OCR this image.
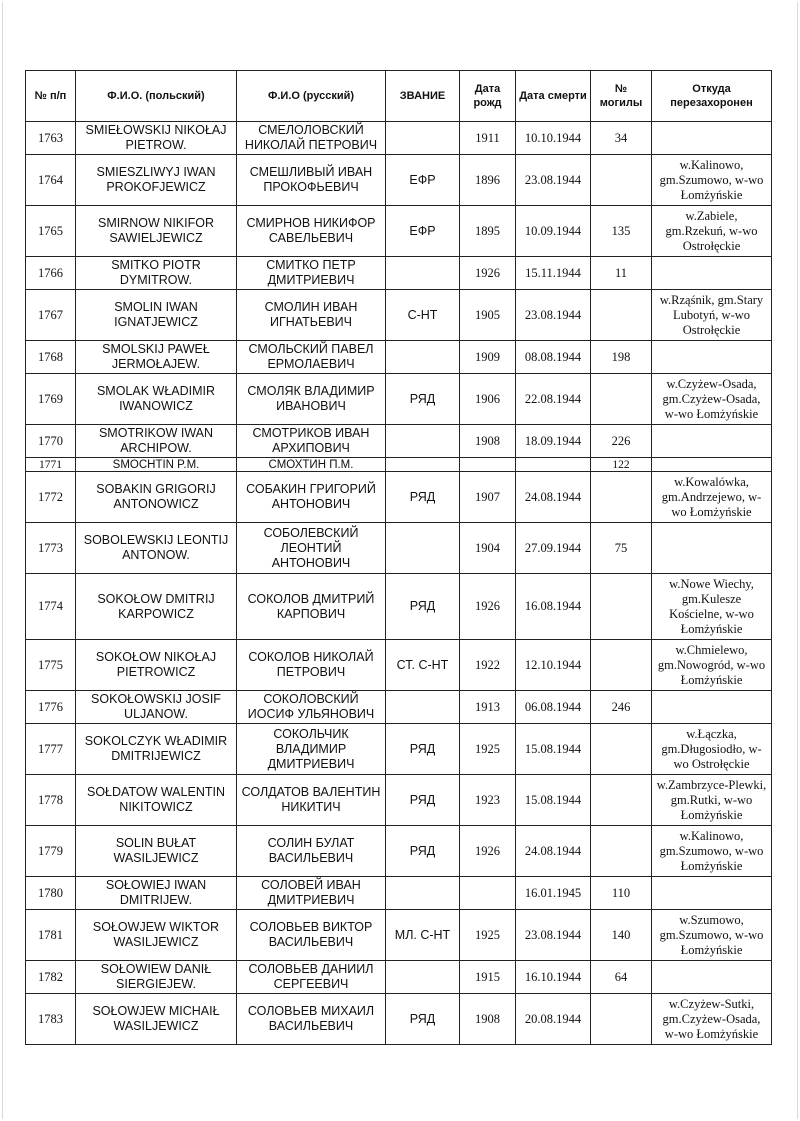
№ п/п	Ф.И.О. (польский)	Ф.И.О (русский)	ЗВАНИЕ	Дата рожд	Дата смерти	№ могилы	Откуда перезахоронен
1763	SMIEŁOWSKIJ NIKOŁAJ PIETROW.	СМЕЛОЛОВСКИЙ НИКОЛАЙ ПЕТРОВИЧ		1911	10.10.1944	34	
1764	SMIESZLIWYJ IWAN PROKOFJEWICZ	СМЕШЛИВЫЙ ИВАН ПРОКОФЬЕВИЧ	ЕФР	1896	23.08.1944		w.Kalinowo, gm.Szumowo, w-wo Łomżyńskie
1765	SMIRNOW NIKIFOR SAWIELJEWICZ	СМИРНОВ НИКИФОР САВЕЛЬЕВИЧ	ЕФР	1895	10.09.1944	135	w.Zabiele, gm.Rzekuń, w-wo Ostrołęckie
1766	SMITKO PIOTR DYMITROW.	СМИТКО ПЕТР ДМИТРИЕВИЧ		1926	15.11.1944	11	
1767	SMOLIN IWAN IGNATJEWICZ	СМОЛИН ИВАН ИГНАТЬЕВИЧ	С-НТ	1905	23.08.1944		w.Rząśnik, gm.Stary Lubotyń, w-wo Ostrołęckie
1768	SMOLSKIJ PAWEŁ JERMOŁAJEW.	СМОЛЬСКИЙ ПАВЕЛ ЕРМОЛАЕВИЧ		1909	08.08.1944	198	
1769	SMOLAK WŁADIMIR IWANOWICZ	СМОЛЯК ВЛАДИМИР ИВАНОВИЧ	РЯД	1906	22.08.1944		w.Czyżew-Osada, gm.Czyżew-Osada, w-wo Łomżyńskie
1770	SMOTRIKOW IWAN ARCHIPOW.	СМОТРИКОВ ИВАН АРХИПОВИЧ		1908	18.09.1944	226	
1771	SMOCHTIN P.M.	СМОХТИН П.М.				122	
1772	SOBAKIN GRIGORIJ ANTONOWICZ	СОБАКИН ГРИГОРИЙ АНТОНОВИЧ	РЯД	1907	24.08.1944		w.Kowalówka, gm.Andrzejewo, w-wo Łomżyńskie
1773	SOBOLEWSKIJ LEONTIJ ANTONOW.	СОБОЛЕВСКИЙ ЛЕОНТИЙ АНТОНОВИЧ		1904	27.09.1944	75	
1774	SOKOŁOW DMITRIJ KARPOWICZ	СОКОЛОВ ДМИТРИЙ КАРПОВИЧ	РЯД	1926	16.08.1944		w.Nowe Wiechy, gm.Kulesze Kościelne, w-wo Łomżyńskie
1775	SOKOŁOW NIKOŁAJ PIETROWICZ	СОКОЛОВ НИКОЛАЙ ПЕТРОВИЧ	СТ. С-НТ	1922	12.10.1944		w.Chmielewo, gm.Nowogród, w-wo Łomżyńskie
1776	SOKOŁOWSKIJ JOSIF ULJANOW.	СОКОЛОВСКИЙ ИОСИФ УЛЬЯНОВИЧ		1913	06.08.1944	246	
1777	SOKOLCZYK WŁADIMIR DMITRIJEWICZ	СОКОЛЬЧИК ВЛАДИМИР ДМИТРИЕВИЧ	РЯД	1925	15.08.1944		w.Łączka, gm.Długosiodło, w-wo Ostrołęckie
1778	SOŁDATOW WALENTIN NIKITOWICZ	СОЛДАТОВ ВАЛЕНТИН НИКИТИЧ	РЯД	1923	15.08.1944		w.Zambrzyce-Plewki, gm.Rutki, w-wo Łomżyńskie
1779	SOLIN BUŁAT WASILJEWICZ	СОЛИН БУЛАТ ВАСИЛЬЕВИЧ	РЯД	1926	24.08.1944		w.Kalinowo, gm.Szumowo, w-wo Łomżyńskie
1780	SOŁOWIEJ IWAN DMITRIJEW.	СОЛОВЕЙ ИВАН ДМИТРИЕВИЧ			16.01.1945	110	
1781	SOŁOWJEW WIKTOR WASILJEWICZ	СОЛОВЬЕВ ВИКТОР ВАСИЛЬЕВИЧ	МЛ. С-НТ	1925	23.08.1944	140	w.Szumowo, gm.Szumowo, w-wo Łomżyńskie
1782	SOŁOWIEW DANIŁ SIERGIEJEW.	СОЛОВЬЕВ ДАНИИЛ СЕРГЕЕВИЧ		1915	16.10.1944	64	
1783	SOŁOWJEW MICHAIŁ WASILJEWICZ	СОЛОВЬЕВ МИХАИЛ ВАСИЛЬЕВИЧ	РЯД	1908	20.08.1944		w.Czyżew-Sutki, gm.Czyżew-Osada, w-wo Łomżyńskie
